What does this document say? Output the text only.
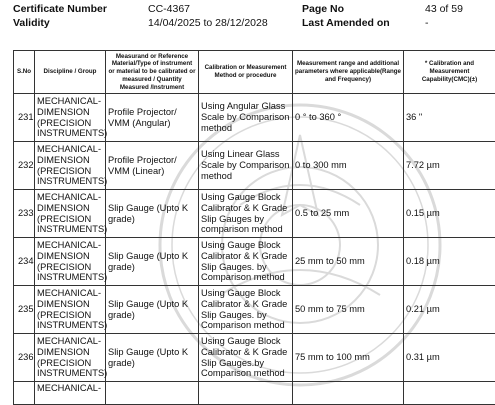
Certificate Number	CC-4367	Page No	43 of 59
Validity	14/04/2025 to 28/12/2028	Last Amended on	-
S.No	Discipline / Group	Measurand or Reference Material/Type of instrument or material to be calibrated or measured / Quantity Measured /Instrument	Calibration or Measurement Method or procedure	Measurement range and additional parameters where applicable(Range and Frequency)	* Calibration and Measurement Capability(CMC)(±)
231	MECHANICAL- DIMENSION (PRECISION INSTRUMENTS)	Profile Projector/ VMM (Angular)	Using Angular Glass Scale by Comparison method	0 ° to 360 °	36 "
232	MECHANICAL- DIMENSION (PRECISION INSTRUMENTS)	Profile Projector/ VMM (Linear)	Using Linear Glass Scale by Comparison method	0 to 300 mm	7.72 µm
233	MECHANICAL- DIMENSION (PRECISION INSTRUMENTS)	Slip Gauge (Upto K grade)	Using Gauge Block Calibrator & K Grade Slip Gauges by comparison method	0.5 to 25 mm	0.15 µm
234	MECHANICAL- DIMENSION (PRECISION INSTRUMENTS)	Slip Gauge (Upto K grade)	Using Gauge Block Calibrator & K Grade Slip Gauges. by Comparison method	25 mm to 50 mm	0.18 µm
235	MECHANICAL- DIMENSION (PRECISION INSTRUMENTS)	Slip Gauge (Upto K grade)	Using Gauge Block Calibrator & K Grade Slip Gauges. by Comparison method	50 mm to 75 mm	0.21 µm
236	MECHANICAL- DIMENSION (PRECISION INSTRUMENTS)	Slip Gauge (Upto K grade)	Using Gauge Block Calibrator & K Grade Slip Gauges.by Comparison method	75 mm to 100 mm	0.31 µm
	MECHANICAL-				
